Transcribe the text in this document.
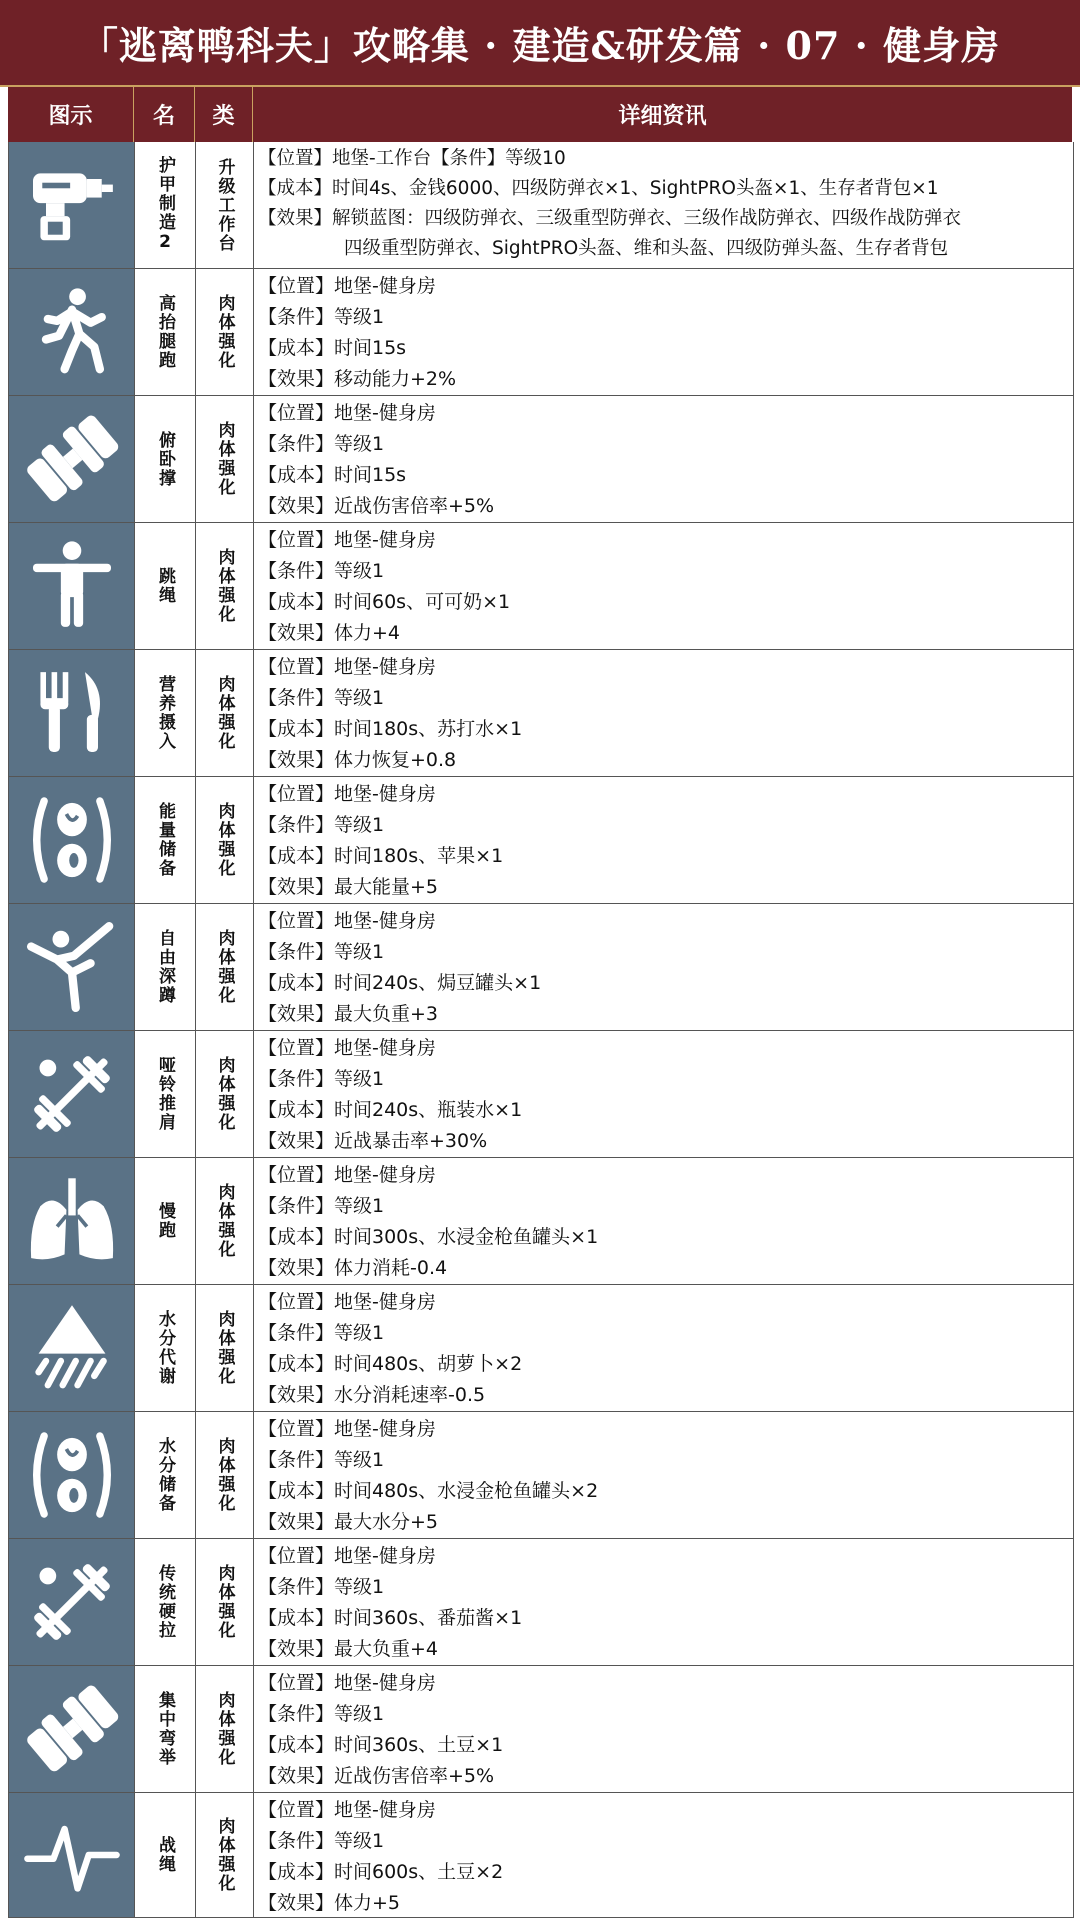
「逃离鸭科夫」攻略集 · 建造&研发篇 · 07 · 健身房
图示	名	类	详细资讯
护甲制造2 升级工作台 【位置】地堡-工作台【条件】等级10
【成本】时间4s、金钱6000、四级防弹衣×1、SightPRO头盔×1、生存者背包×1
【效果】解锁蓝图：四级防弹衣、三级重型防弹衣、三级作战防弹衣、四级作战防弹衣
四级重型防弹衣、SightPRO头盔、维和头盔、四级防弹头盔、生存者背包
高抬腿跑 肉体强化
【位置】地堡-健身房
【条件】等级1
【成本】时间15s
【效果】移动能力+2%
俯卧撑 肉体强化
【位置】地堡-健身房
【条件】等级1
【成本】时间15s
【效果】近战伤害倍率+5%
跳绳 肉体强化
【位置】地堡-健身房
【条件】等级1
【成本】时间60s、可可奶×1
【效果】体力+4
营养摄入 肉体强化
【位置】地堡-健身房
【条件】等级1
【成本】时间180s、苏打水×1
【效果】体力恢复+0.8
能量储备 肉体强化
【位置】地堡-健身房
【条件】等级1
【成本】时间180s、苹果×1
【效果】最大能量+5
自由深蹲 肉体强化
【位置】地堡-健身房
【条件】等级1
【成本】时间240s、焗豆罐头×1
【效果】最大负重+3
哑铃推肩 肉体强化
【位置】地堡-健身房
【条件】等级1
【成本】时间240s、瓶装水×1
【效果】近战暴击率+30%
慢跑 肉体强化
【位置】地堡-健身房
【条件】等级1
【成本】时间300s、水浸金枪鱼罐头×1
【效果】体力消耗-0.4
水分代谢 肉体强化
【位置】地堡-健身房
【条件】等级1
【成本】时间480s、胡萝卜×2
【效果】水分消耗速率-0.5
水分储备 肉体强化
【位置】地堡-健身房
【条件】等级1
【成本】时间480s、水浸金枪鱼罐头×2
【效果】最大水分+5
传统硬拉 肉体强化
【位置】地堡-健身房
【条件】等级1
【成本】时间360s、番茄酱×1
【效果】最大负重+4
集中弯举 肉体强化
【位置】地堡-健身房
【条件】等级1
【成本】时间360s、土豆×1
【效果】近战伤害倍率+5%
战绳 肉体强化
【位置】地堡-健身房
【条件】等级1
【成本】时间600s、土豆×2
【效果】体力+5
